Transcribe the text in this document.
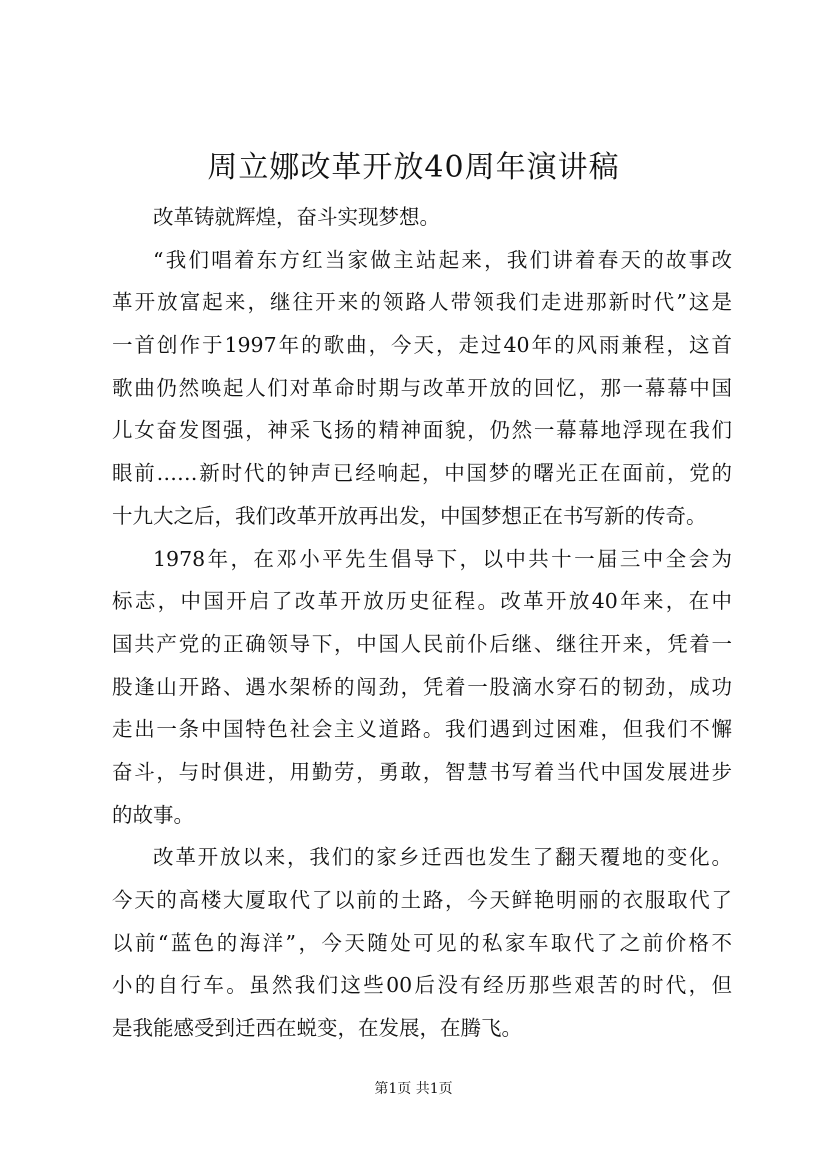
周立娜改革开放40周年演讲稿
改革铸就辉煌，奋斗实现梦想。
“我们唱着东方红当家做主站起来，我们讲着春天的故事改
革开放富起来，继往开来的领路人带领我们走进那新时代”这是
一首创作于1997年的歌曲，今天，走过40年的风雨兼程，这首
歌曲仍然唤起人们对革命时期与改革开放的回忆，那一幕幕中国
儿女奋发图强，神采飞扬的精神面貌，仍然一幕幕地浮现在我们
眼前……新时代的钟声已经响起，中国梦的曙光正在面前，党的
十九大之后，我们改革开放再出发，中国梦想正在书写新的传奇。
1978年，在邓小平先生倡导下，以中共十一届三中全会为
标志，中国开启了改革开放历史征程。改革开放40年来，在中
国共产党的正确领导下，中国人民前仆后继、继往开来，凭着一
股逢山开路、遇水架桥的闯劲，凭着一股滴水穿石的韧劲，成功
走出一条中国特色社会主义道路。我们遇到过困难，但我们不懈
奋斗，与时俱进，用勤劳，勇敢，智慧书写着当代中国发展进步
的故事。
改革开放以来，我们的家乡迁西也发生了翻天覆地的变化。
今天的高楼大厦取代了以前的土路，今天鲜艳明丽的衣服取代了
以前“蓝色的海洋”，今天随处可见的私家车取代了之前价格不
小的自行车。虽然我们这些00后没有经历那些艰苦的时代，但
是我能感受到迁西在蜕变，在发展，在腾飞。
第1页 共1页
